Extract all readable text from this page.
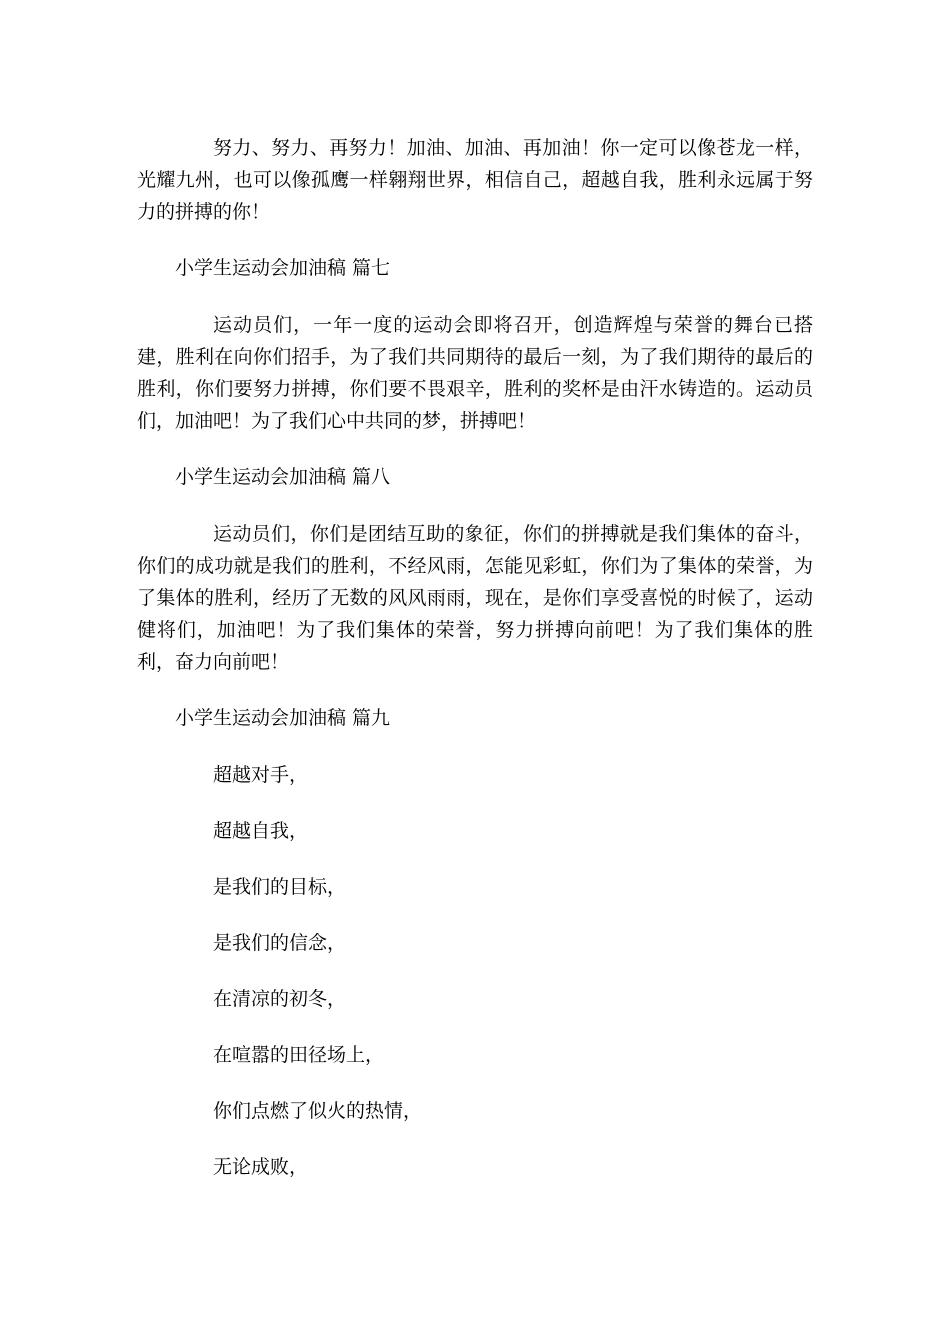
努力、努力、再努力！加油、加油、再加油！你一定可以像苍龙一样，光耀九州，也可以像孤鹰一样翱翔世界，相信自己，超越自我，胜利永远属于努力的拼搏的你！

小学生运动会加油稿 篇七

运动员们，一年一度的运动会即将召开，创造辉煌与荣誉的舞台已搭建，胜利在向你们招手，为了我们共同期待的最后一刻，为了我们期待的最后的胜利，你们要努力拼搏，你们要不畏艰辛，胜利的奖杯是由汗水铸造的。运动员们，加油吧！为了我们心中共同的梦，拼搏吧！

小学生运动会加油稿 篇八

运动员们，你们是团结互助的象征，你们的拼搏就是我们集体的奋斗，你们的成功就是我们的胜利，不经风雨，怎能见彩虹，你们为了集体的荣誉，为了集体的胜利，经历了无数的风风雨雨，现在，是你们享受喜悦的时候了，运动健将们，加油吧！为了我们集体的荣誉，努力拼搏向前吧！为了我们集体的胜利，奋力向前吧！

小学生运动会加油稿 篇九

超越对手，

超越自我，

是我们的目标，

是我们的信念，

在清凉的初冬，

在喧嚣的田径场上，

你们点燃了似火的热情，

无论成败，
